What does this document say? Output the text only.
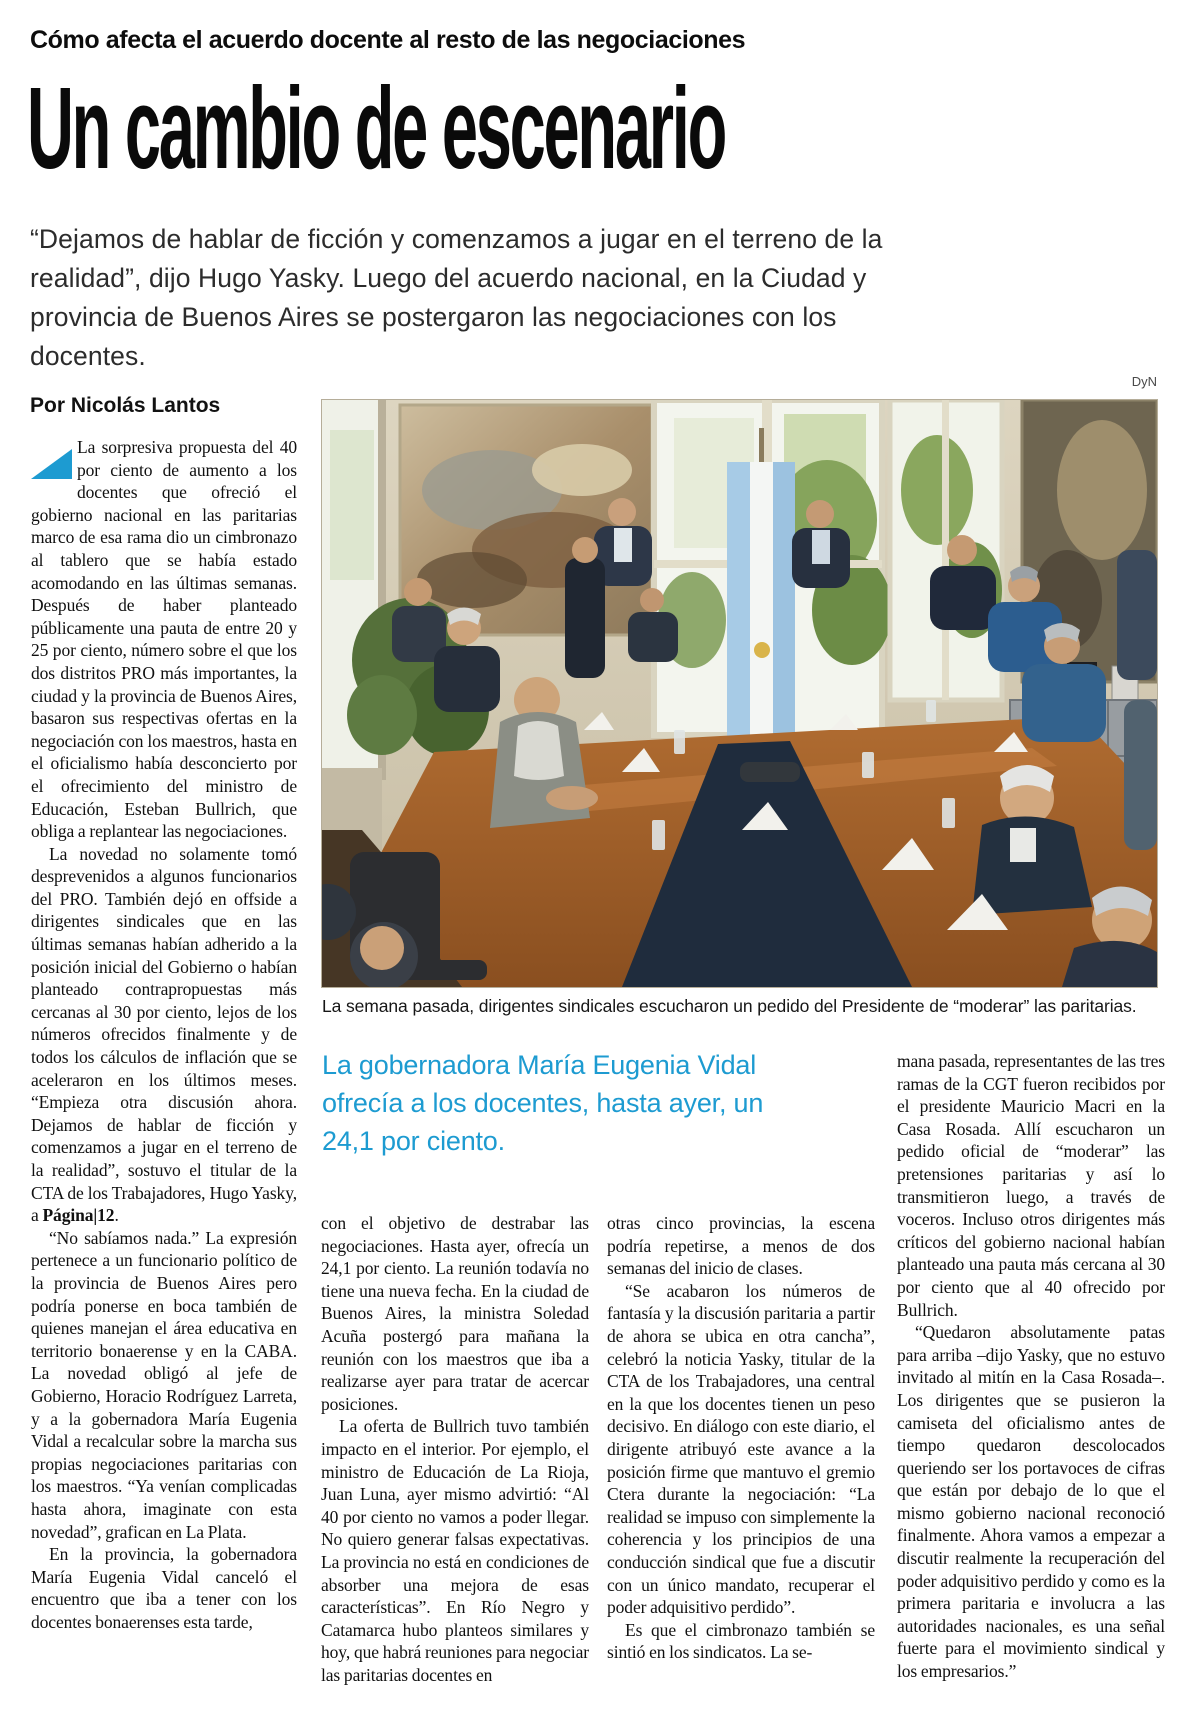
Cómo afecta el acuerdo docente al resto de las negociaciones
Un cambio de escenario
“Dejamos de hablar de ficción y comenzamos a jugar en el terreno de la realidad”, dijo Hugo Yasky. Luego del acuerdo nacional, en la Ciudad y provincia de Buenos Aires se postergaron las negociaciones con los docentes.
Por Nicolás Lantos
DyN
La semana pasada, dirigentes sindicales escucharon un pedido del Presidente de “moderar” las paritarias.
La gobernadora María Eugenia Vidal ofrecía a los docentes, hasta ayer, un 24,1 por ciento.

La sorpresiva propuesta del 40 por ciento de aumento a los docentes que ofreció el gobierno nacional en las paritarias marco de esa rama dio un cimbronazo al tablero que se había estado acomodando en las últimas semanas. Después de haber planteado públicamente una pauta de entre 20 y 25 por ciento, número sobre el que los dos distritos PRO más importantes, la ciudad y la provincia de Buenos Aires, basaron sus respectivas ofertas en la negociación con los maestros, hasta en el oficialismo había desconcierto por el ofrecimiento del ministro de Educación, Esteban Bullrich, que obliga a replantear las negociaciones.

La novedad no solamente tomó desprevenidos a algunos funcionarios del PRO. También dejó en offside a dirigentes sindicales que en las últimas semanas habían adherido a la posición inicial del Gobierno o habían planteado contrapropuestas más cercanas al 30 por ciento, lejos de los números ofrecidos finalmente y de todos los cálculos de inflación que se aceleraron en los últimos meses. “Empieza otra discusión ahora. Dejamos de hablar de ficción y comenzamos a jugar en el terreno de la realidad”, sostuvo el titular de la CTA de los Trabajadores, Hugo Yasky, a Página|12.

“No sabíamos nada.” La expresión pertenece a un funcionario político de la provincia de Buenos Aires pero podría ponerse en boca también de quienes manejan el área educativa en territorio bonaerense y en la CABA. La novedad obligó al jefe de Gobierno, Horacio Rodríguez Larreta, y a la gobernadora María Eugenia Vidal a recalcular sobre la marcha sus propias negociaciones paritarias con los maestros. “Ya venían complicadas hasta ahora, imaginate con esta novedad”, grafican en La Plata.

En la provincia, la gobernadora María Eugenia Vidal canceló el encuentro que iba a tener con los docentes bonaerenses esta tarde,

con el objetivo de destrabar las negociaciones. Hasta ayer, ofrecía un 24,1 por ciento. La reunión todavía no tiene una nueva fecha. En la ciudad de Buenos Aires, la ministra Soledad Acuña postergó para mañana la reunión con los maestros que iba a realizarse ayer para tratar de acercar posiciones.

La oferta de Bullrich tuvo también impacto en el interior. Por ejemplo, el ministro de Educación de La Rioja, Juan Luna, ayer mismo advirtió: “Al 40 por ciento no vamos a poder llegar. No quiero generar falsas expectativas. La provincia no está en condiciones de absorber una mejora de esas características”. En Río Negro y Catamarca hubo planteos similares y hoy, que habrá reuniones para negociar las paritarias docentes en

otras cinco provincias, la escena podría repetirse, a menos de dos semanas del inicio de clases.

“Se acabaron los números de fantasía y la discusión paritaria a partir de ahora se ubica en otra cancha”, celebró la noticia Yasky, titular de la CTA de los Trabajadores, una central en la que los docentes tienen un peso decisivo. En diálogo con este diario, el dirigente atribuyó este avance a la posición firme que mantuvo el gremio Ctera durante la negociación: “La realidad se impuso con simplemente la coherencia y los principios de una conducción sindical que fue a discutir con un único mandato, recuperar el poder adquisitivo perdido”.

Es que el cimbronazo también se sintió en los sindicatos. La se-

mana pasada, representantes de las tres ramas de la CGT fueron recibidos por el presidente Mauricio Macri en la Casa Rosada. Allí escucharon un pedido oficial de “moderar” las pretensiones paritarias y así lo transmitieron luego, a través de voceros. Incluso otros dirigentes más críticos del gobierno nacional habían planteado una pauta más cercana al 30 por ciento que al 40 ofrecido por Bullrich.

“Quedaron absolutamente patas para arriba –dijo Yasky, que no estuvo invitado al mitín en la Casa Rosada–. Los dirigentes que se pusieron la camiseta del oficialismo antes de tiempo quedaron descolocados queriendo ser los portavoces de cifras que están por debajo de lo que el mismo gobierno nacional reconoció finalmente. Ahora vamos a empezar a discutir realmente la recuperación del poder adquisitivo perdido y como es la primera paritaria e involucra a las autoridades nacionales, es una señal fuerte para el movimiento sindical y los empresarios.”
